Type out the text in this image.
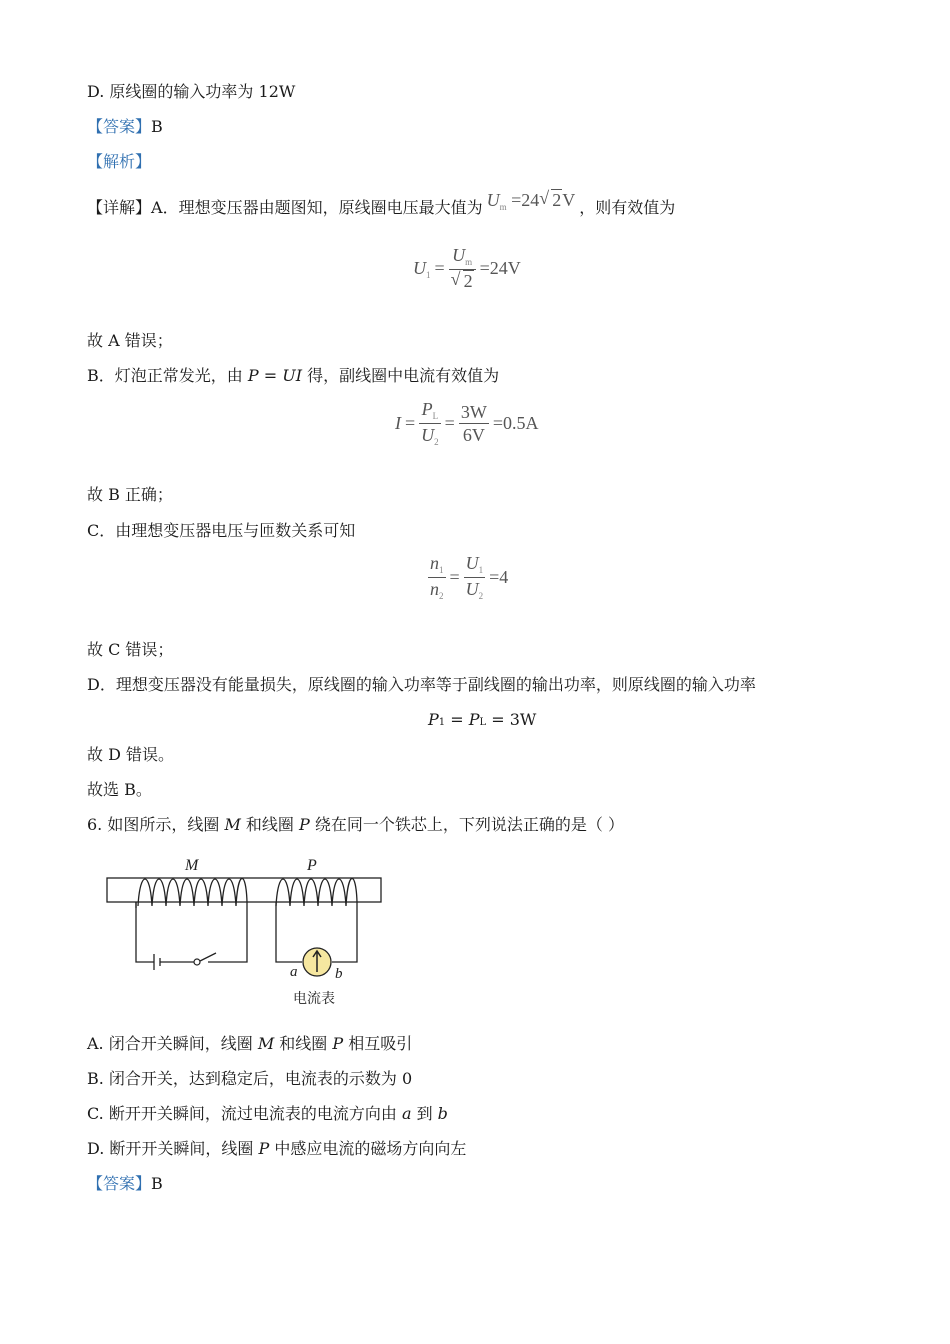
D. 原线圈的输入功率为 12W
【答案】B
【解析】
【详解】 A．理想变压器由题图知，原线圈电压最大值为 $U_m =24$ √ 2V ，则有效值为
$U_1 = \frac{U_m}{√ 2} =24V$
故 A 错误；
B．灯泡正常发光，由 P = UI 得，副线圈中电流有效值为
$I = \frac{P_L}{U_2} = \frac{3W}{6V} =0.5A$
故 B 正确；
C．由理想变压器电压与匝数关系可知
$\frac{n_1}{n_2} = \frac{U_1}{U_2} =4$
故 C 错误；
D．理想变压器没有能量损失，原线圈的输入功率等于副线圈的输出功率，则原线圈的输入功率
P1 = PL = 3W
故 D 错误。
故选 B。
6. 如图所示，线圈 M 和线圈 P 绕在同一个铁芯上，下列说法正确的是（ ）
M	P
a	b
电流表
A. 闭合开关瞬间，线圈 M 和线圈 P 相互吸引
B. 闭合开关，达到稳定后，电流表的示数为 0
C. 断开开关瞬间，流过电流表的电流方向由 a 到 b
D. 断开开关瞬间，线圈 P 中感应电流的磁场方向向左
【答案】B
